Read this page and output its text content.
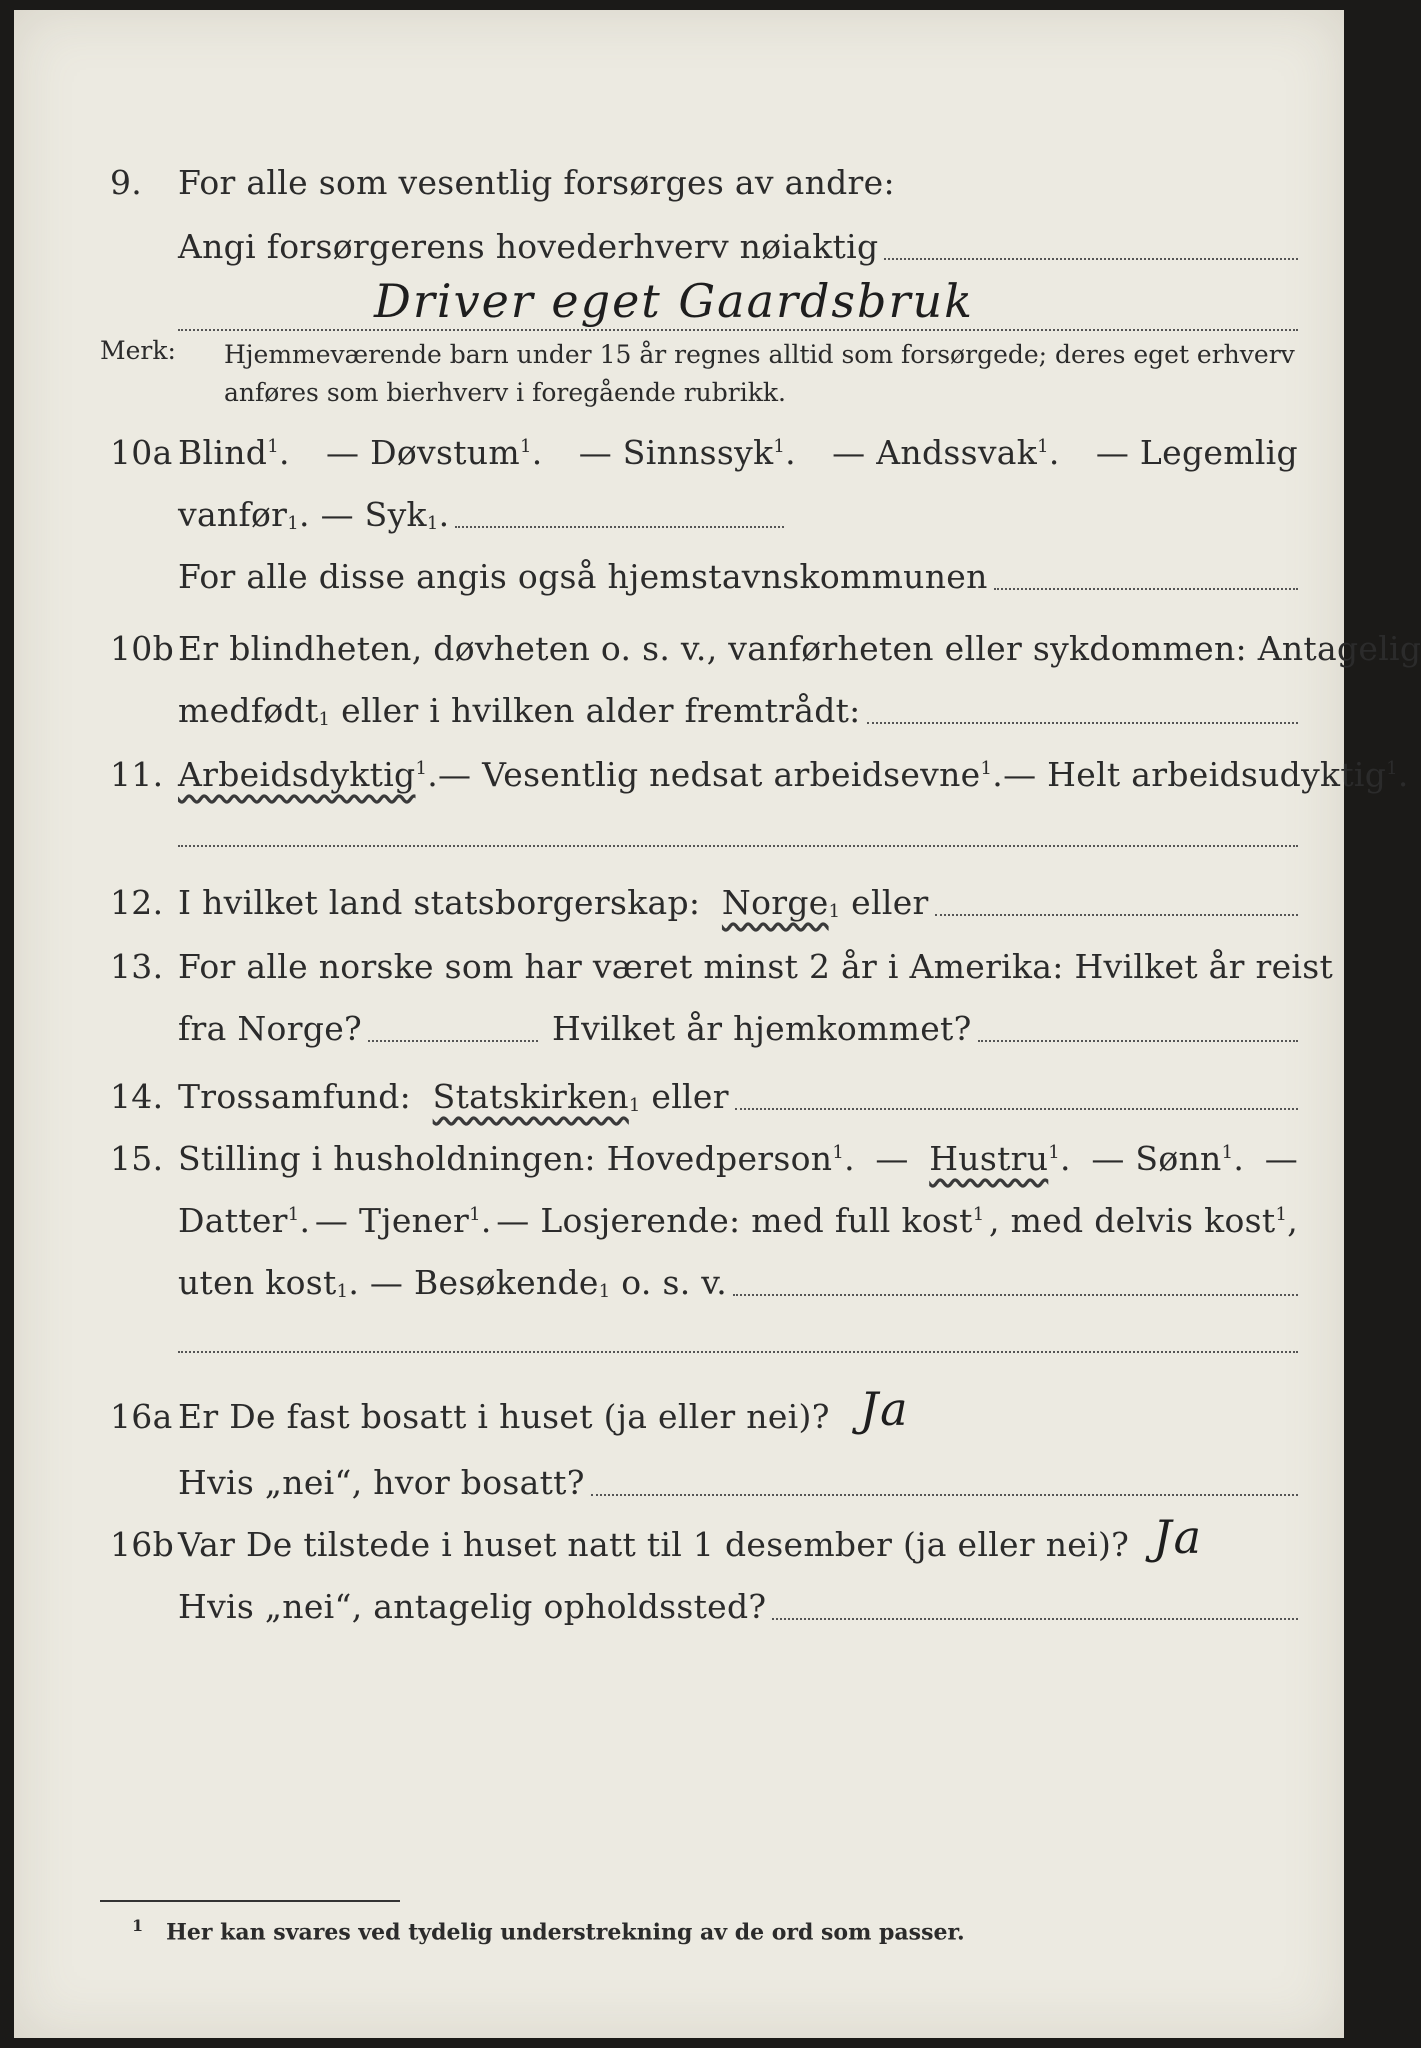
9. For alle som vesentlig forsørges av andre:
Angi forsørgerens hovederhverv nøiaktig
Driver eget Gaardsbruk
Merk: Hjemmeværende barn under 15 år regnes alltid som forsørgede; deres eget erhverv
anføres som bierhverv i foregående rubrikk.
10a Blind$^1$. — Døvstum$^1$. — Sinnssyk$^1$. — Andssvak$^1$. — Legemlig
vanfør 1 . — Syk 1 .
For alle disse angis også hjemstavnskommunen
10b Er blindheten, døvheten o. s. v., vanførheten eller sykdommen: Antagelig
medfødt 1
eller i hvilken alder fremtrådt:
11. Arbeidsdyktig$^1$. — Vesentlig nedsat arbeidsevne$^1$. — Helt arbeidsudyktig$^1$.
12. I hvilket land statsborgerskap:
Norge 1
eller
13. For alle norske som har været minst 2 år i Amerika: Hvilket år reist
fra Norge?	Hvilket år hjemkommet?
14. Trossamfund:
Statskirken 1
eller
15. Stilling i husholdningen: Hovedperson$^1$. — Hustru$^1$. — Sønn$^1$. —
Datter$^1$. — Tjener$^1$. — Losjerende: med full kost$^1$ , med delvis kost$^1$,
uten kost 1 . — Besøkende 1
o. s. v.
16a Er De fast bosatt i huset (ja eller nei)? Ja
Hvis „nei“, hvor bosatt?
16b Var De tilstede i huset natt til 1 desember (ja eller nei)? Ja
Hvis „nei“, antagelig opholdssted?
$^1$ Her kan svares ved tydelig understrekning av de ord som passer.
